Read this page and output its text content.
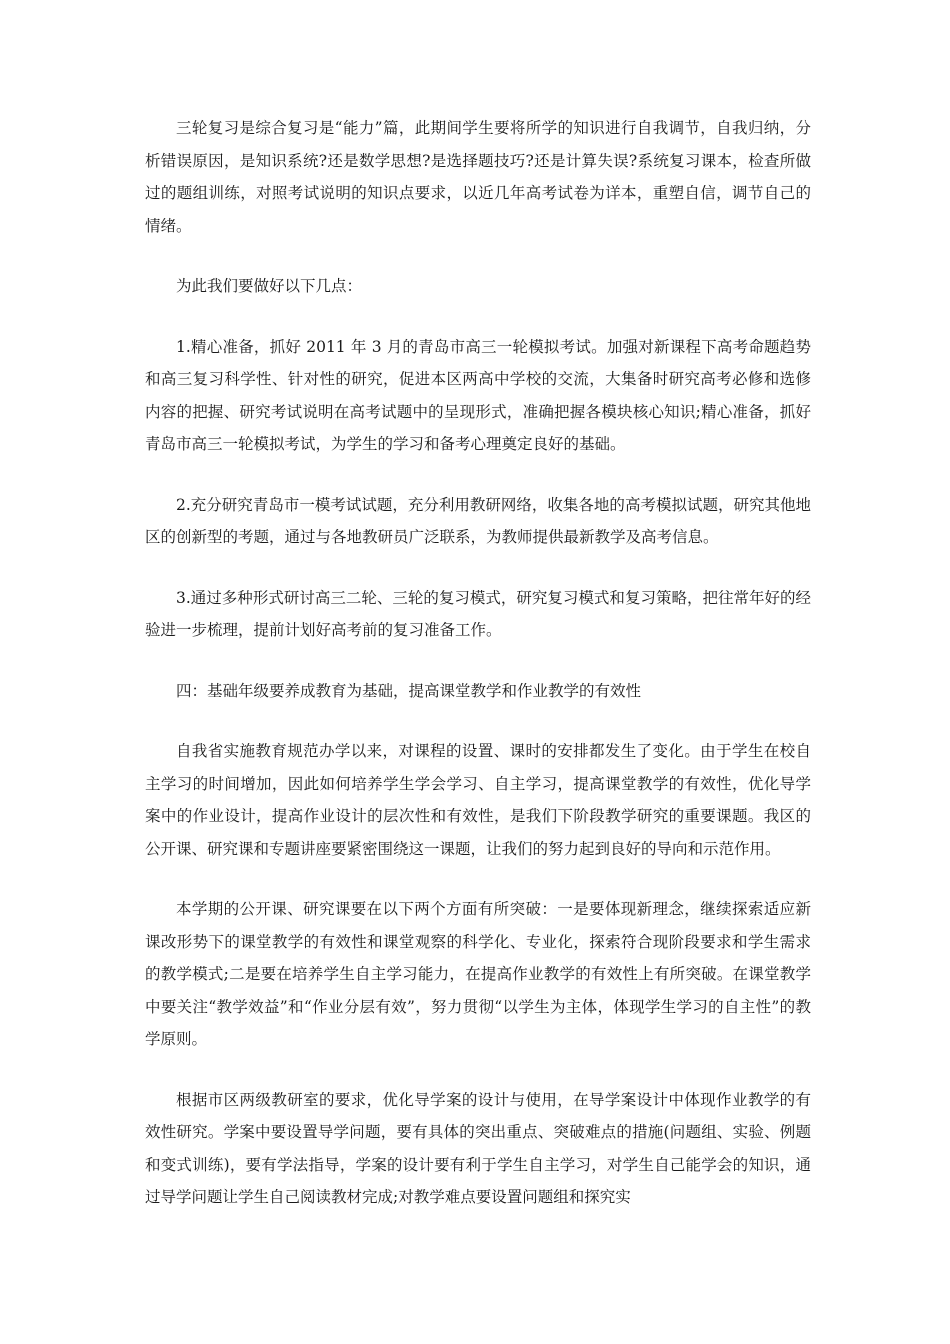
三轮复习是综合复习是“能力”篇，此期间学生要将所学的知识进行自我调节，自我归纳，分析错误原因，是知识系统?还是数学思想?是选择题技巧?还是计算失误?系统复习课本，检查所做过的题组训练，对照考试说明的知识点要求，以近几年高考试卷为详本，重塑自信，调节自己的情绪。

为此我们要做好以下几点：

1.精心准备，抓好 2011 年 3 月的青岛市高三一轮模拟考试。加强对新课程下高考命题趋势和高三复习科学性、针对性的研究，促进本区两高中学校的交流，大集备时研究高考必修和选修内容的把握、研究考试说明在高考试题中的呈现形式，准确把握各模块核心知识;精心准备，抓好青岛市高三一轮模拟考试，为学生的学习和备考心理奠定良好的基础。

2.充分研究青岛市一模考试试题，充分利用教研网络，收集各地的高考模拟试题，研究其他地区的创新型的考题，通过与各地教研员广泛联系，为教师提供最新教学及高考信息。

3.通过多种形式研讨高三二轮、三轮的复习模式，研究复习模式和复习策略，把往常年好的经验进一步梳理，提前计划好高考前的复习准备工作。

四：基础年级要养成教育为基础，提高课堂教学和作业教学的有效性

自我省实施教育规范办学以来，对课程的设置、课时的安排都发生了变化。由于学生在校自主学习的时间增加，因此如何培养学生学会学习、自主学习，提高课堂教学的有效性，优化导学案中的作业设计，提高作业设计的层次性和有效性，是我们下阶段教学研究的重要课题。我区的公开课、研究课和专题讲座要紧密围绕这一课题，让我们的努力起到良好的导向和示范作用。

本学期的公开课、研究课要在以下两个方面有所突破：一是要体现新理念，继续探索适应新课改形势下的课堂教学的有效性和课堂观察的科学化、专业化，探索符合现阶段要求和学生需求的教学模式;二是要在培养学生自主学习能力，在提高作业教学的有效性上有所突破。在课堂教学中要关注“教学效益”和“作业分层有效”，努力贯彻“以学生为主体，体现学生学习的自主性”的教学原则。

根据市区两级教研室的要求，优化导学案的设计与使用，在导学案设计中体现作业教学的有效性研究。学案中要设置导学问题，要有具体的突出重点、突破难点的措施(问题组、实验、例题和变式训练)，要有学法指导，学案的设计要有利于学生自主学习，对学生自己能学会的知识，通过导学问题让学生自己阅读教材完成;对教学难点要设置问题组和探究实
